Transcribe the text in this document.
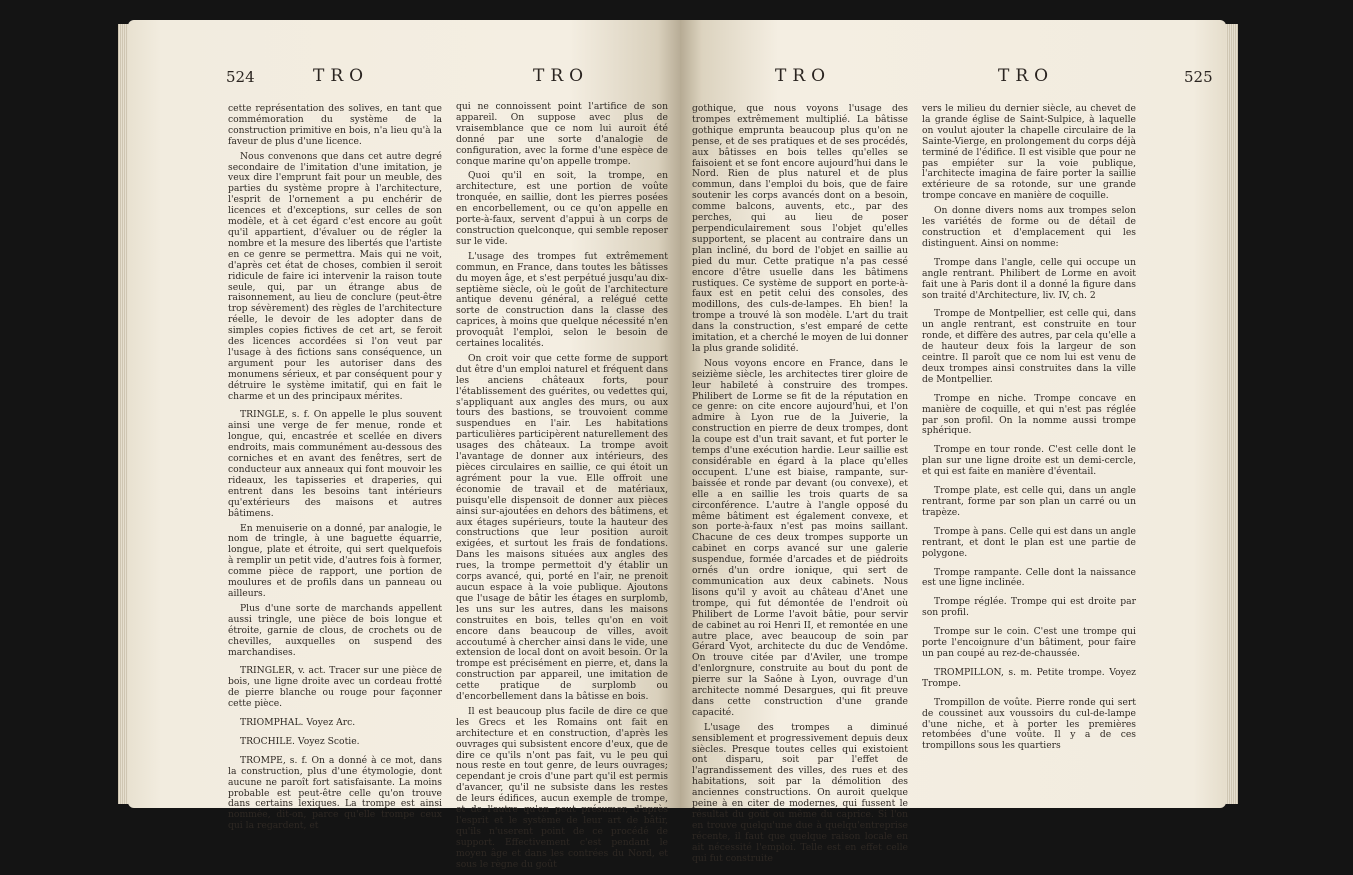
524	TRO	TRO

cette représentation des solives, en tant que commémoration du système de la construction primitive en bois, n'a lieu qu'à la faveur de plus d'une licence.

Nous convenons que dans cet autre degré secondaire de l'imitation d'une imitation, je veux dire l'emprunt fait pour un meuble, des parties du système propre à l'architecture, l'esprit de l'ornement a pu enchérir de licences et d'exceptions, sur celles de son modèle, et à cet égard c'est encore au goût qu'il appartient, d'évaluer ou de régler la nombre et la mesure des libertés que l'artiste en ce genre se permettra. Mais qui ne voit, d'après cet état de choses, combien il seroit ridicule de faire ici intervenir la raison toute seule, qui, par un étrange abus de raisonnement, au lieu de conclure (peut-être trop sévèrement) des règles de l'architecture réelle, le devoir de les adopter dans de simples copies fictives de cet art, se feroit des licences accordées si l'on veut par l'usage à des fictions sans conséquence, un argument pour les autoriser dans des monumens sérieux, et par conséquent pour y détruire le système imitatif, qui en fait le charme et un des principaux mérites.

TRINGLE, s. f. On appelle le plus souvent ainsi une verge de fer menue, ronde et longue, qui, encastrée et scellée en divers endroits, mais communément au-dessous des corniches et en avant des fenêtres, sert de conducteur aux anneaux qui font mouvoir les rideaux, les tapisseries et draperies, qui entrent dans les besoins tant intérieurs qu'extérieurs des maisons et autres bâtimens.

En menuiserie on a donné, par analogie, le nom de tringle, à une baguette équarrie, longue, plate et étroite, qui sert quelquefois à remplir un petit vide, d'autres fois à former, comme pièce de rapport, une portion de moulures et de profils dans un panneau ou ailleurs.

Plus d'une sorte de marchands appellent aussi tringle, une pièce de bois longue et étroite, garnie de clous, de crochets ou de chevilles, auxquelles on suspend des marchandises.

TRINGLER, v. act. Tracer sur une pièce de bois, une ligne droite avec un cordeau frotté de pierre blanche ou rouge pour façonner cette pièce.

TRIOMPHAL. Voyez Arc.

TROCHILE. Voyez Scotie.

TROMPE, s. f. On a donné à ce mot, dans la construction, plus d'une étymologie, dont aucune ne paroît fort satisfaisante. La moins probable est peut-être celle qu'on trouve dans certains lexiques. La trompe est ainsi nommée, dit-on, parce qu'elle trompe ceux qui la regardent, et

qui ne connoissent point l'artifice de son appareil. On suppose avec plus de vraisemblance que ce nom lui auroit été donné par une sorte d'analogie de configuration, avec la forme d'une espèce de conque marine qu'on appelle trompe.

Quoi qu'il en soit, la trompe, en architecture, est une portion de voûte tronquée, en saillie, dont les pierres posées en encorbellement, ou ce qu'on appelle en porte-à-faux, servent d'appui à un corps de construction quelconque, qui semble reposer sur le vide.

L'usage des trompes fut extrêmement commun, en France, dans toutes les bâtisses du moyen âge, et s'est perpétué jusqu'au dix-septième siècle, où le goût de l'architecture antique devenu général, a relégué cette sorte de construction dans la classe des caprices, à moins que quelque nécessité n'en provoquât l'emploi, selon le besoin de certaines localités.

On croit voir que cette forme de support dut être d'un emploi naturel et fréquent dans les anciens châteaux forts, pour l'établissement des guérites, ou vedettes qui, s'appliquant aux angles des murs, ou aux tours des bastions, se trouvoient comme suspendues en l'air. Les habitations particulières participèrent naturellement des usages des châteaux. La trompe avoit l'avantage de donner aux intérieurs, des pièces circulaires en saillie, ce qui étoit un agrément pour la vue. Elle offroit une économie de travail et de matériaux, puisqu'elle dispensoit de donner aux pièces ainsi sur-ajoutées en dehors des bâtimens, et aux étages supérieurs, toute la hauteur des constructions que leur position auroit exigées, et surtout les frais de fondations. Dans les maisons situées aux angles des rues, la trompe permettoit d'y établir un corps avancé, qui, porté en l'air, ne prenoit aucun espace à la voie publique. Ajoutons que l'usage de bâtir les étages en surplomb, les uns sur les autres, dans les maisons construites en bois, telles qu'on en voit encore dans beaucoup de villes, avoit accoutumé à chercher ainsi dans le vide, une extension de local dont on avoit besoin. Or la trompe est précisément en pierre, et, dans la construction par appareil, une imitation de cette pratique de surplomb ou d'encorbellement dans la bâtisse en bois.

Il est beaucoup plus facile de dire ce que les Grecs et les Romains ont fait en architecture et en construction, d'après les ouvrages qui subsistent encore d'eux, que de dire ce qu'ils n'ont pas fait, vu le peu qui nous reste en tout genre, de leurs ouvrages; cependant je crois d'une part qu'il est permis d'avancer, qu'il ne subsiste dans les restes de leurs édifices, aucun exemple de trompe, et de l'autre qu'on peut présumer, d'après l'esprit et le système de leur art de bâtir, qu'ils n'userent point de ce procédé de support. Effectivement c'est pendant le moyen âge et dans les contrées du Nord, et sous le règne du goût

TRO	TRO	525

gothique, que nous voyons l'usage des trompes extrêmement multiplié. La bâtisse gothique emprunta beaucoup plus qu'on ne pense, et de ses pratiques et de ses procédés, aux bâtisses en bois telles qu'elles se faisoient et se font encore aujourd'hui dans le Nord. Rien de plus naturel et de plus commun, dans l'emploi du bois, que de faire soutenir les corps avancés dont on a besoin, comme balcons, auvents, etc., par des perches, qui au lieu de poser perpendiculairement sous l'objet qu'elles supportent, se placent au contraire dans un plan incliné, du bord de l'objet en saillie au pied du mur. Cette pratique n'a pas cessé encore d'être usuelle dans les bâtimens rustiques. Ce système de support en porte-à-faux est en petit celui des consoles, des modillons, des culs-de-lampes. Eh bien! la trompe a trouvé là son modèle. L'art du trait dans la construction, s'est emparé de cette imitation, et a cherché le moyen de lui donner la plus grande solidité.

Nous voyons encore en France, dans le seizième siècle, les architectes tirer gloire de leur habileté à construire des trompes. Philibert de Lorme se fit de la réputation en ce genre: on cite encore aujourd'hui, et l'on admire à Lyon rue de la Juiverie, la construction en pierre de deux trompes, dont la coupe est d'un trait savant, et fut porter le temps d'une exécution hardie. Leur saillie est considérable en égard à la place qu'elles occupent. L'une est biaise, rampante, sur-baissée et ronde par devant (ou convexe), et elle a en saillie les trois quarts de sa circonférence. L'autre à l'angle opposé du même bâtiment est également convexe, et son porte-à-faux n'est pas moins saillant. Chacune de ces deux trompes supporte un cabinet en corps avancé sur une galerie suspendue, formée d'arcades et de piédroits ornés d'un ordre ionique, qui sert de communication aux deux cabinets. Nous lisons qu'il y avoit au château d'Anet une trompe, qui fut démontée de l'endroit où Philibert de Lorme l'avoit bâtie, pour servir de cabinet au roi Henri II, et remontée en une autre place, avec beaucoup de soin par Gérard Vyot, architecte du duc de Vendôme. On trouve citée par d'Aviler, une trompe d'enlorgnure, construite au bout du pont de pierre sur la Saône à Lyon, ouvrage d'un architecte nommé Desargues, qui fit preuve dans cette construction d'une grande capacité.

L'usage des trompes a diminué sensiblement et progressivement depuis deux siècles. Presque toutes celles qui existoient ont disparu, soit par l'effet de l'agrandissement des villes, des rues et des habitations, soit par la démolition des anciennes constructions. On auroit quelque peine à en citer de modernes, qui fussent le résultat du goût ou même du caprice. Si l'on en trouve quelqu'une due à quelqu'entreprise récente, il faut que quelque raison locale en ait nécessité l'emploi. Telle est en effet celle qui fut construite

vers le milieu du dernier siècle, au chevet de la grande église de Saint-Sulpice, à laquelle on voulut ajouter la chapelle circulaire de la Sainte-Vierge, en prolongement du corps déjà terminé de l'édifice. Il est visible que pour ne pas empiéter sur la voie publique, l'architecte imagina de faire porter la saillie extérieure de sa rotonde, sur une grande trompe concave en manière de coquille.

On donne divers noms aux trompes selon les variétés de forme ou de détail de construction et d'emplacement qui les distinguent. Ainsi on nomme:

Trompe dans l'angle, celle qui occupe un angle rentrant. Philibert de Lorme en avoit fait une à Paris dont il a donné la figure dans son traité d'Architecture, liv. IV, ch. 2

Trompe de Montpellier, est celle qui, dans un angle rentrant, est construite en tour ronde, et diffère des autres, par cela qu'elle a de hauteur deux fois la largeur de son ceintre. Il paroît que ce nom lui est venu de deux trompes ainsi construites dans la ville de Montpellier.

Trompe en niche. Trompe concave en manière de coquille, et qui n'est pas réglée par son profil. On la nomme aussi trompe sphérique.

Trompe en tour ronde. C'est celle dont le plan sur une ligne droite est un demi-cercle, et qui est faite en manière d'éventail.

Trompe plate, est celle qui, dans un angle rentrant, forme par son plan un carré ou un trapèze.

Trompe à pans. Celle qui est dans un angle rentrant, et dont le plan est une partie de polygone.

Trompe rampante. Celle dont la naissance est une ligne inclinée.

Trompe réglée. Trompe qui est droite par son profil.

Trompe sur le coin. C'est une trompe qui porte l'encoignure d'un bâtiment, pour faire un pan coupé au rez-de-chaussée.

TROMPILLON, s. m. Petite trompe. Voyez Trompe.

Trompillon de voûte. Pierre ronde qui sert de coussinet aux voussoirs du cul-de-lampe d'une niche, et à porter les premières retombées d'une voûte. Il y a de ces trompillons sous les quartiers
